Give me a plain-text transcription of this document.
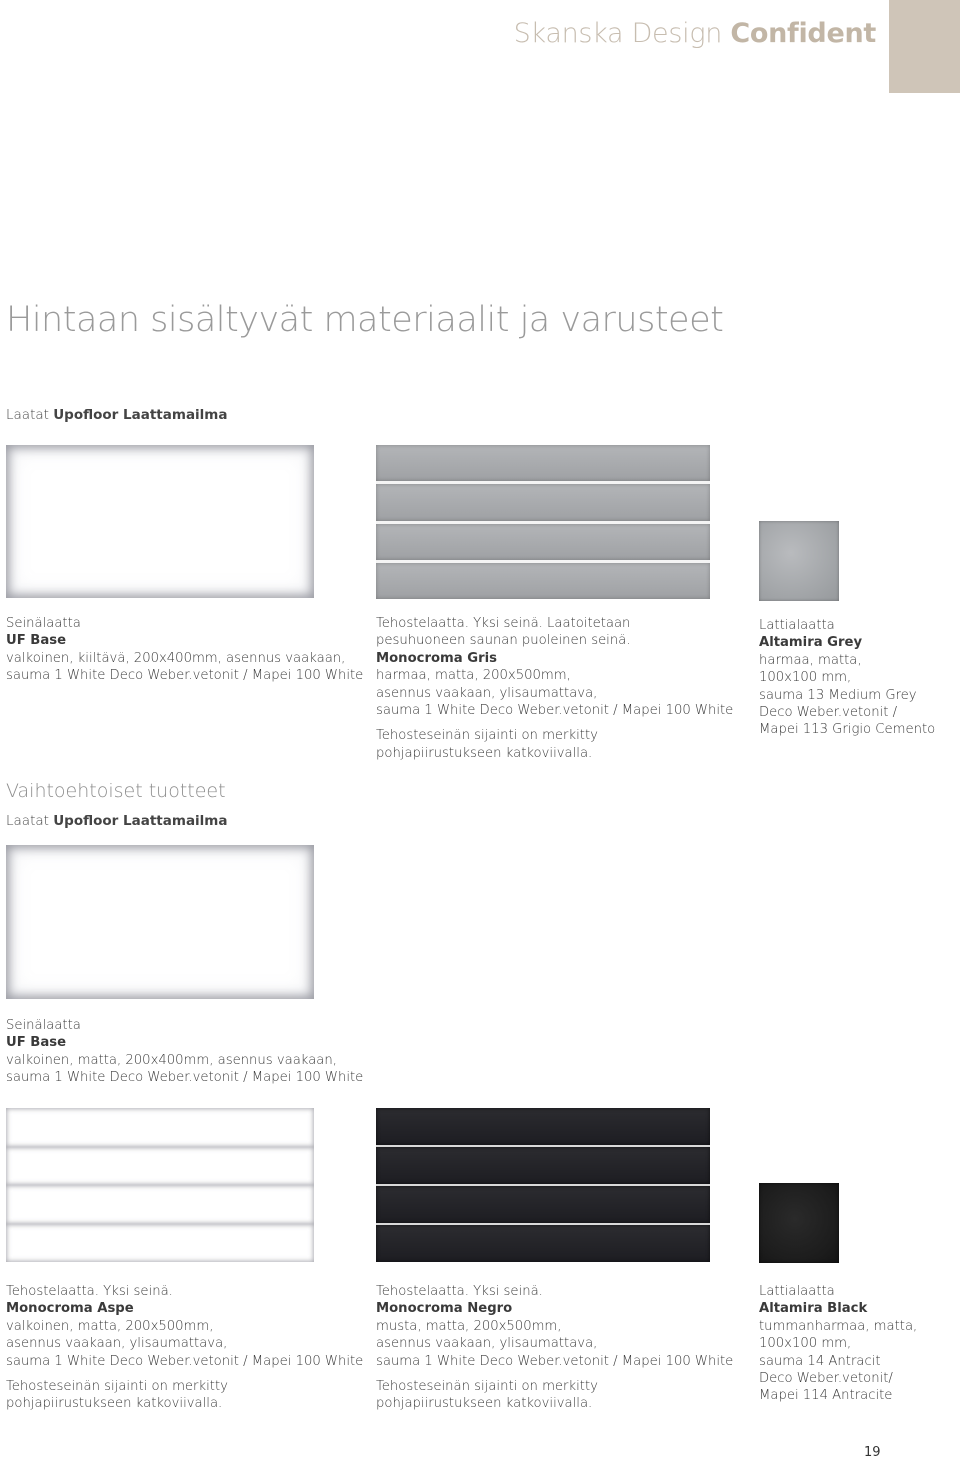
Skanska Design Confident
Hintaan sisältyvät materiaalit ja varusteet
Laatat Upofloor Laattamailma
Seinälaatta
UF Base
valkoinen, kiiltävä, 200x400mm, asennus vaakaan,
sauma 1 White Deco Weber.vetonit / Mapei 100 White
Tehostelaatta. Yksi seinä. Laatoitetaan
pesuhuoneen saunan puoleinen seinä.
Monocroma Gris
harmaa, matta, 200x500mm,
asennus vaakaan, ylisaumattava,
sauma 1 White Deco Weber.vetonit / Mapei 100 White
Tehosteseinän sijainti on merkitty
pohjapiirustukseen katkoviivalla.
Lattialaatta
Altamira Grey
harmaa, matta,
100x100 mm,
sauma 13 Medium Grey
Deco Weber.vetonit /
Mapei 113 Grigio Cemento
Vaihtoehtoiset tuotteet
Laatat Upofloor Laattamailma
Seinälaatta
UF Base
valkoinen, matta, 200x400mm, asennus vaakaan,
sauma 1 White Deco Weber.vetonit / Mapei 100 White
Tehostelaatta. Yksi seinä.
Monocroma Aspe
valkoinen, matta, 200x500mm,
asennus vaakaan, ylisaumattava,
sauma 1 White Deco Weber.vetonit / Mapei 100 White
Tehosteseinän sijainti on merkitty
pohjapiirustukseen katkoviivalla.
Tehostelaatta. Yksi seinä.
Monocroma Negro
musta, matta, 200x500mm,
asennus vaakaan, ylisaumattava,
sauma 1 White Deco Weber.vetonit / Mapei 100 White
Tehosteseinän sijainti on merkitty
pohjapiirustukseen katkoviivalla.
Lattialaatta
Altamira Black
tummanharmaa, matta,
100x100 mm,
sauma 14 Antracit
Deco Weber.vetonit/
Mapei 114 Antracite
19
